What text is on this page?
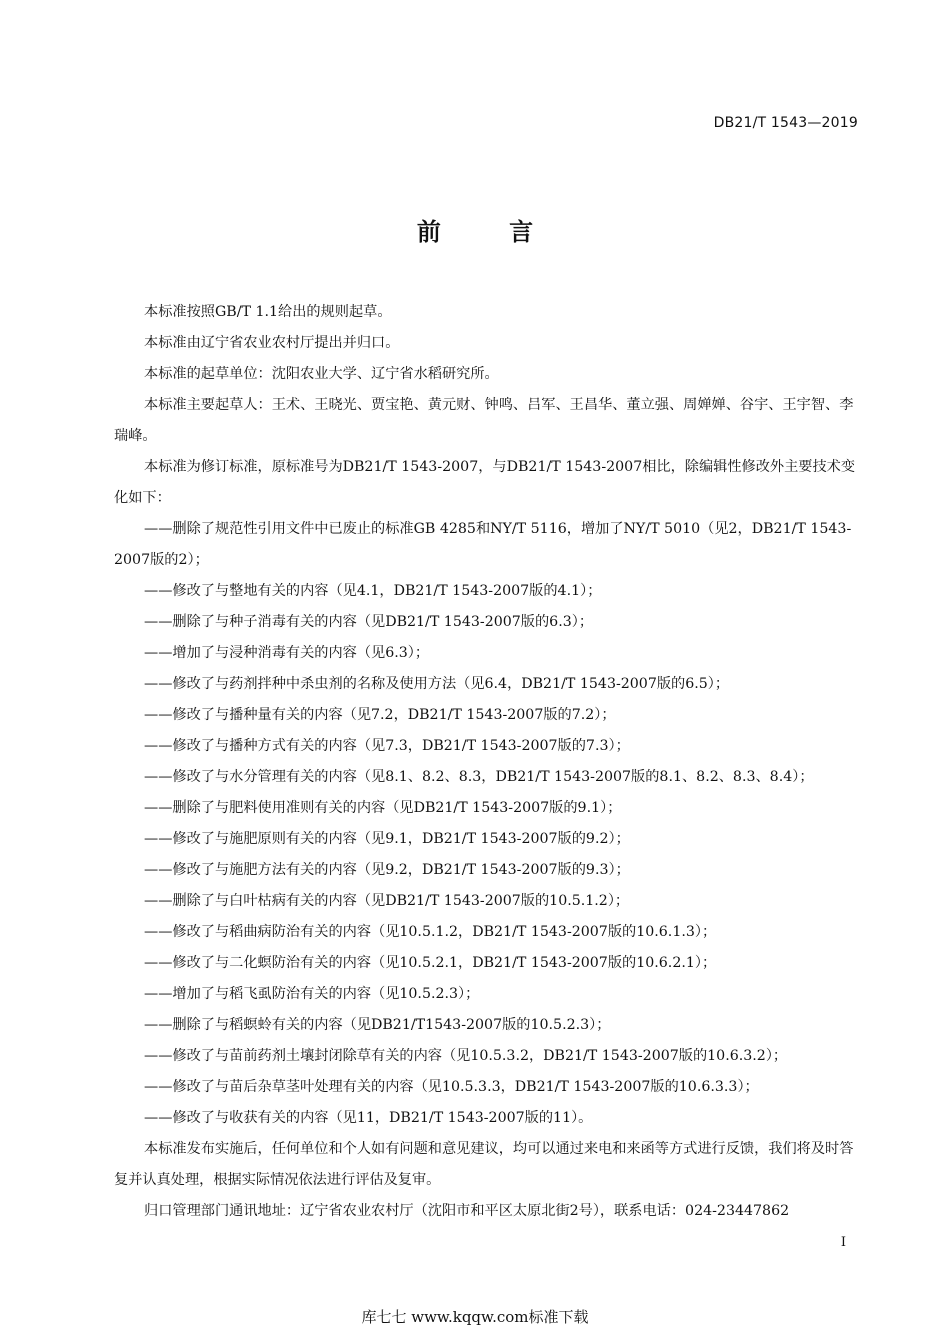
DB21/T 1543—2019
前 言

本标准按照GB/T 1.1给出的规则起草。

本标准由辽宁省农业农村厅提出并归口。

本标准的起草单位：沈阳农业大学、辽宁省水稻研究所。

本标准主要起草人：王术、王晓光、贾宝艳、黄元财、钟鸣、吕军、王昌华、董立强、周婵婵、谷宇、王宇智、李瑞峰。

本标准为修订标准，原标准号为DB21/T 1543-2007，与DB21/T 1543-2007相比，除编辑性修改外主要技术变化如下：

——删除了规范性引用文件中已废止的标准GB 4285和NY/T 5116，增加了NY/T 5010（见2，DB21/T 1543-2007版的2）；

——修改了与整地有关的内容（见4.1，DB21/T 1543-2007版的4.1）；

——删除了与种子消毒有关的内容（见DB21/T 1543-2007版的6.3）；

——增加了与浸种消毒有关的内容（见6.3）；

——修改了与药剂拌种中杀虫剂的名称及使用方法（见6.4，DB21/T 1543-2007版的6.5）；

——修改了与播种量有关的内容（见7.2，DB21/T 1543-2007版的7.2）；

——修改了与播种方式有关的内容（见7.3，DB21/T 1543-2007版的7.3）；

——修改了与水分管理有关的内容（见8.1、8.2、8.3，DB21/T 1543-2007版的8.1、8.2、8.3、8.4）；

——删除了与肥料使用准则有关的内容（见DB21/T 1543-2007版的9.1）；

——修改了与施肥原则有关的内容（见9.1，DB21/T 1543-2007版的9.2）；

——修改了与施肥方法有关的内容（见9.2，DB21/T 1543-2007版的9.3）；

——删除了与白叶枯病有关的内容（见DB21/T 1543-2007版的10.5.1.2）；

——修改了与稻曲病防治有关的内容（见10.5.1.2，DB21/T 1543-2007版的10.6.1.3）；

——修改了与二化螟防治有关的内容（见10.5.2.1，DB21/T 1543-2007版的10.6.2.1）；

——增加了与稻飞虱防治有关的内容（见10.5.2.3）；

——删除了与稻螟蛉有关的内容（见DB21/T1543-2007版的10.5.2.3）；

——修改了与苗前药剂土壤封闭除草有关的内容（见10.5.3.2，DB21/T 1543-2007版的10.6.3.2）；

——修改了与苗后杂草茎叶处理有关的内容（见10.5.3.3，DB21/T 1543-2007版的10.6.3.3）；

——修改了与收获有关的内容（见11，DB21/T 1543-2007版的11）。

本标准发布实施后，任何单位和个人如有问题和意见建议，均可以通过来电和来函等方式进行反馈，我们将及时答复并认真处理，根据实际情况依法进行评估及复审。

归口管理部门通讯地址：辽宁省农业农村厅（沈阳市和平区太原北街2号），联系电话：024-23447862

I
库七七 www.kqqw.com标准下载
